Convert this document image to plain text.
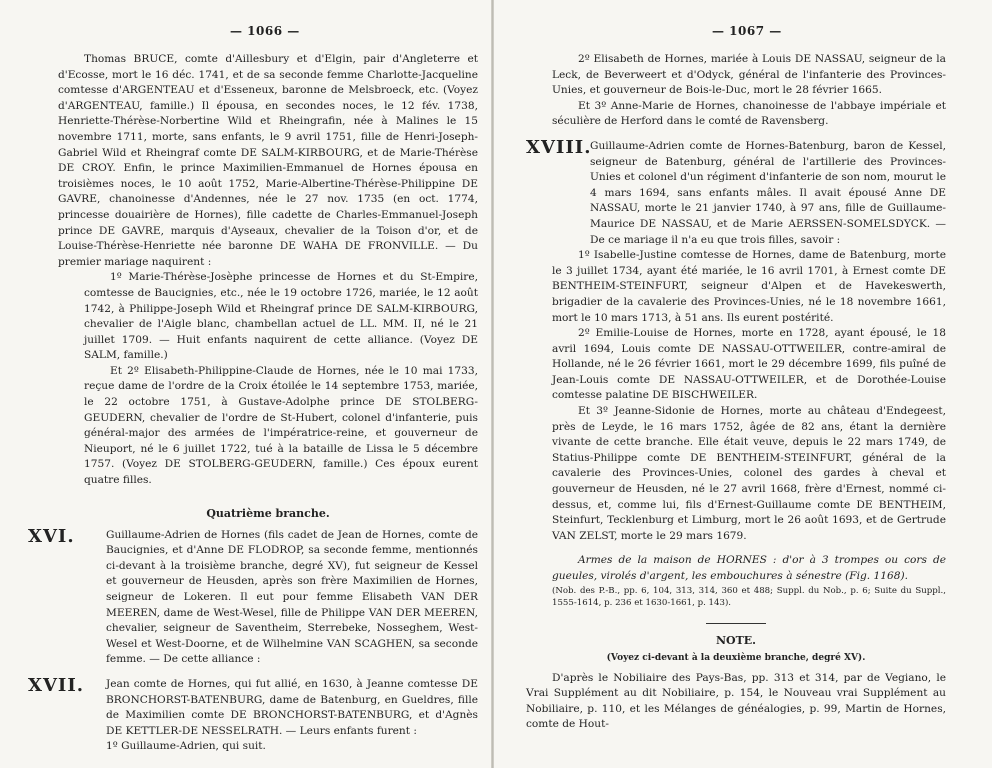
— 1066 —

Thomas BRUCE, comte d'Aillesbury et d'Elgin, pair d'Angleterre et d'Ecosse, mort le 16 déc. 1741, et de sa seconde femme Charlotte-Jacqueline comtesse d'ARGENTEAU et d'Esseneux, baronne de Melsbroeck, etc. (Voyez d'ARGENTEAU, famille.) Il épousa, en secondes noces, le 12 fév. 1738, Henriette-Thérèse-Norbertine Wild et Rheingrafin, née à Malines le 15 novembre 1711, morte, sans enfants, le 9 avril 1751, fille de Henri-Joseph-Gabriel Wild et Rheingraf comte DE SALM-KIRBOURG, et de Marie-Thérèse DE CROY. Enfin, le prince Maximilien-Emmanuel de Hornes épousa en troisièmes noces, le 10 août 1752, Marie-Albertine-Thérèse-Philippine DE GAVRE, chanoinesse d'Andennes, née le 27 nov. 1735 (en oct. 1774, princesse douairière de Hornes), fille cadette de Charles-Emmanuel-Joseph prince DE GAVRE, marquis d'Ayseaux, chevalier de la Toison d'or, et de Louise-Thérèse-Henriette née baronne DE WAHA DE FRONVILLE. — Du premier mariage naquirent :

1º Marie-Thérèse-Josèphe princesse de Hornes et du St-Empire, comtesse de Baucignies, etc., née le 19 octobre 1726, mariée, le 12 août 1742, à Philippe-Joseph Wild et Rheingraf prince DE SALM-KIRBOURG, chevalier de l'Aigle blanc, chambellan actuel de LL. MM. II, né le 21 juillet 1709. — Huit enfants naquirent de cette alliance. (Voyez DE SALM, famille.)

Et 2º Elisabeth-Philippine-Claude de Hornes, née le 10 mai 1733, reçue dame de l'ordre de la Croix étoilée le 14 septembre 1753, mariée, le 22 octobre 1751, à Gustave-Adolphe prince DE STOLBERG-GEUDERN, chevalier de l'ordre de St-Hubert, colonel d'infanterie, puis général-major des armées de l'impératrice-reine, et gouverneur de Nieuport, né le 6 juillet 1722, tué à la bataille de Lissa le 5 décembre 1757. (Voyez DE STOLBERG-GEUDERN, famille.) Ces époux eurent quatre filles.

Quatrième branche.
XVI.	Guillaume-Adrien de Hornes (fils cadet de Jean de Hornes, comte de Baucignies, et d'Anne DE FLODROP, sa seconde femme, mentionnés ci-devant à la troisième branche, degré XV), fut seigneur de Kessel et gouverneur de Heusden, après son frère Maximilien de Hornes, seigneur de Lokeren. Il eut pour femme Elisabeth VAN DER MEEREN, dame de West-Wesel, fille de Philippe VAN DER MEEREN, chevalier, seigneur de Saventheim, Sterrebeke, Nosseghem, West-Wesel et West-Doorne, et de Wilhelmine VAN SCAGHEN, sa seconde femme. — De cette alliance :

XVII. Jean comte de Hornes, qui fut allié, en 1630, à Jeanne comtesse DE BRONCHORST-BATENBURG, dame de Batenburg, en Gueldres, fille de Maximilien comte DE BRONCHORST-BATENBURG, et d'Agnès DE KETTLER-DE NESSELRATH. — Leurs enfants furent :

1º Guillaume-Adrien, qui suit.

— 1067 —

2º Elisabeth de Hornes, mariée à Louis DE NASSAU, seigneur de la Leck, de Beverweert et d'Odyck, général de l'infanterie des Provinces-Unies, et gouverneur de Bois-le-Duc, mort le 28 février 1665.

Et 3º Anne-Marie de Hornes, chanoinesse de l'abbaye impériale et séculière de Herford dans le comté de Ravensberg.

XVIII.

Guillaume-Adrien comte de Hornes-Batenburg, baron de Kessel, seigneur de Batenburg, général de l'artillerie des Provinces-Unies et colonel d'un régiment d'infanterie de son nom, mourut le 4 mars 1694, sans enfants mâles. Il avait épousé Anne DE NASSAU, morte le 21 janvier 1740, à 97 ans, fille de Guillaume-Maurice DE NASSAU, et de Marie AERSSEN-SOMELSDYCK. — De ce mariage il n'a eu que trois filles, savoir :

1º Isabelle-Justine comtesse de Hornes, dame de Batenburg, morte le 3 juillet 1734, ayant été mariée, le 16 avril 1701, à Ernest comte DE BENTHEIM-STEINFURT, seigneur d'Alpen et de Havekeswerth, brigadier de la cavalerie des Provinces-Unies, né le 18 novembre 1661, mort le 10 mars 1713, à 51 ans. Ils eurent postérité.

2º Emilie-Louise de Hornes, morte en 1728, ayant épousé, le 18 avril 1694, Louis comte DE NASSAU-OTTWEILER, contre-amiral de Hollande, né le 26 février 1661, mort le 29 décembre 1699, fils puîné de Jean-Louis comte DE NASSAU-OTTWEILER, et de Dorothée-Louise comtesse palatine DE BISCHWEILER.

Et 3º Jeanne-Sidonie de Hornes, morte au château d'Endegeest, près de Leyde, le 16 mars 1752, âgée de 82 ans, étant la dernière vivante de cette branche. Elle était veuve, depuis le 22 mars 1749, de Statius-Philippe comte DE BENTHEIM-STEINFURT, général de la cavalerie des Provinces-Unies, colonel des gardes à cheval et gouverneur de Heusden, né le 27 avril 1668, frère d'Ernest, nommé ci-dessus, et, comme lui, fils d'Ernest-Guillaume comte DE BENTHEIM, Steinfurt, Tecklenburg et Limburg, mort le 26 août 1693, et de Gertrude VAN ZELST, morte le 29 mars 1679.

Armes de la maison de HORNES : d'or à 3 trompes ou cors de gueules, virolés d'argent, les embouchures à sénestre (Fig. 1168).

(Nob. des P.-B., pp. 6, 104, 313, 314, 360 et 488; Suppl. du Nob., p. 6; Suite du Suppl., 1555-1614, p. 236 et 1630-1661, p. 143).

NOTE.
(Voyez ci-devant à la deuxième branche, degré XV).

D'après le Nobiliaire des Pays-Bas, pp. 313 et 314, par de Vegiano, le Vrai Supplément au dit Nobiliaire, p. 154, le Nouveau vrai Supplément au Nobiliaire, p. 110, et les Mélanges de généalogies, p. 99, Martin de Hornes, comte de Hout-
